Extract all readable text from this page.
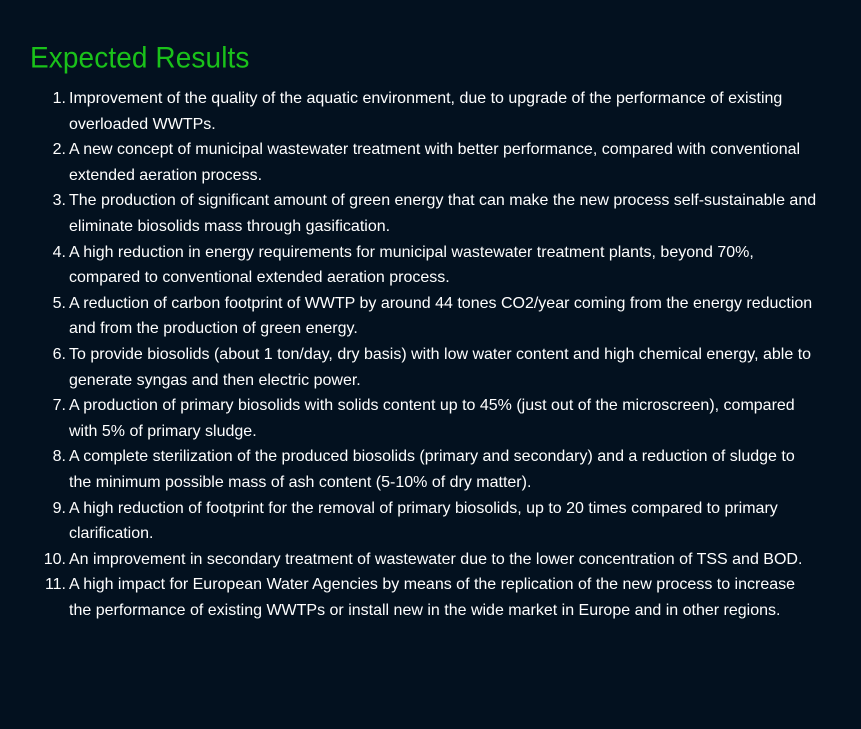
Expected Results
1. Improvement of the quality of the aquatic environment, due to upgrade of the performance of existing overloaded WWTPs.
2. A new concept of municipal wastewater treatment with better performance, compared with conventional extended aeration process.
3. The production of significant amount of green energy that can make the new process self-sustainable and eliminate biosolids mass through gasification.
4. A high reduction in energy requirements for municipal wastewater treatment plants, beyond 70%, compared to conventional extended aeration process.
5. A reduction of carbon footprint of WWTP by around 44 tones CO2/year coming from the energy reduction and from the production of green energy.
6. To provide biosolids (about 1 ton/day, dry basis) with low water content and high chemical energy, able to generate syngas and then electric power.
7. A production of primary biosolids with solids content up to 45% (just out of the microscreen), compared with 5% of primary sludge.
8. A complete sterilization of the produced biosolids (primary and secondary) and a reduction of sludge to the minimum possible mass of ash content (5-10% of dry matter).
9. A high reduction of footprint for the removal of primary biosolids, up to 20 times compared to primary clarification.
10. An improvement in secondary treatment of wastewater due to the lower concentration of TSS and BOD.
11. A high impact for European Water Agencies by means of the replication of the new process to increase the performance of existing WWTPs or install new in the wide market in Europe and in other regions.
